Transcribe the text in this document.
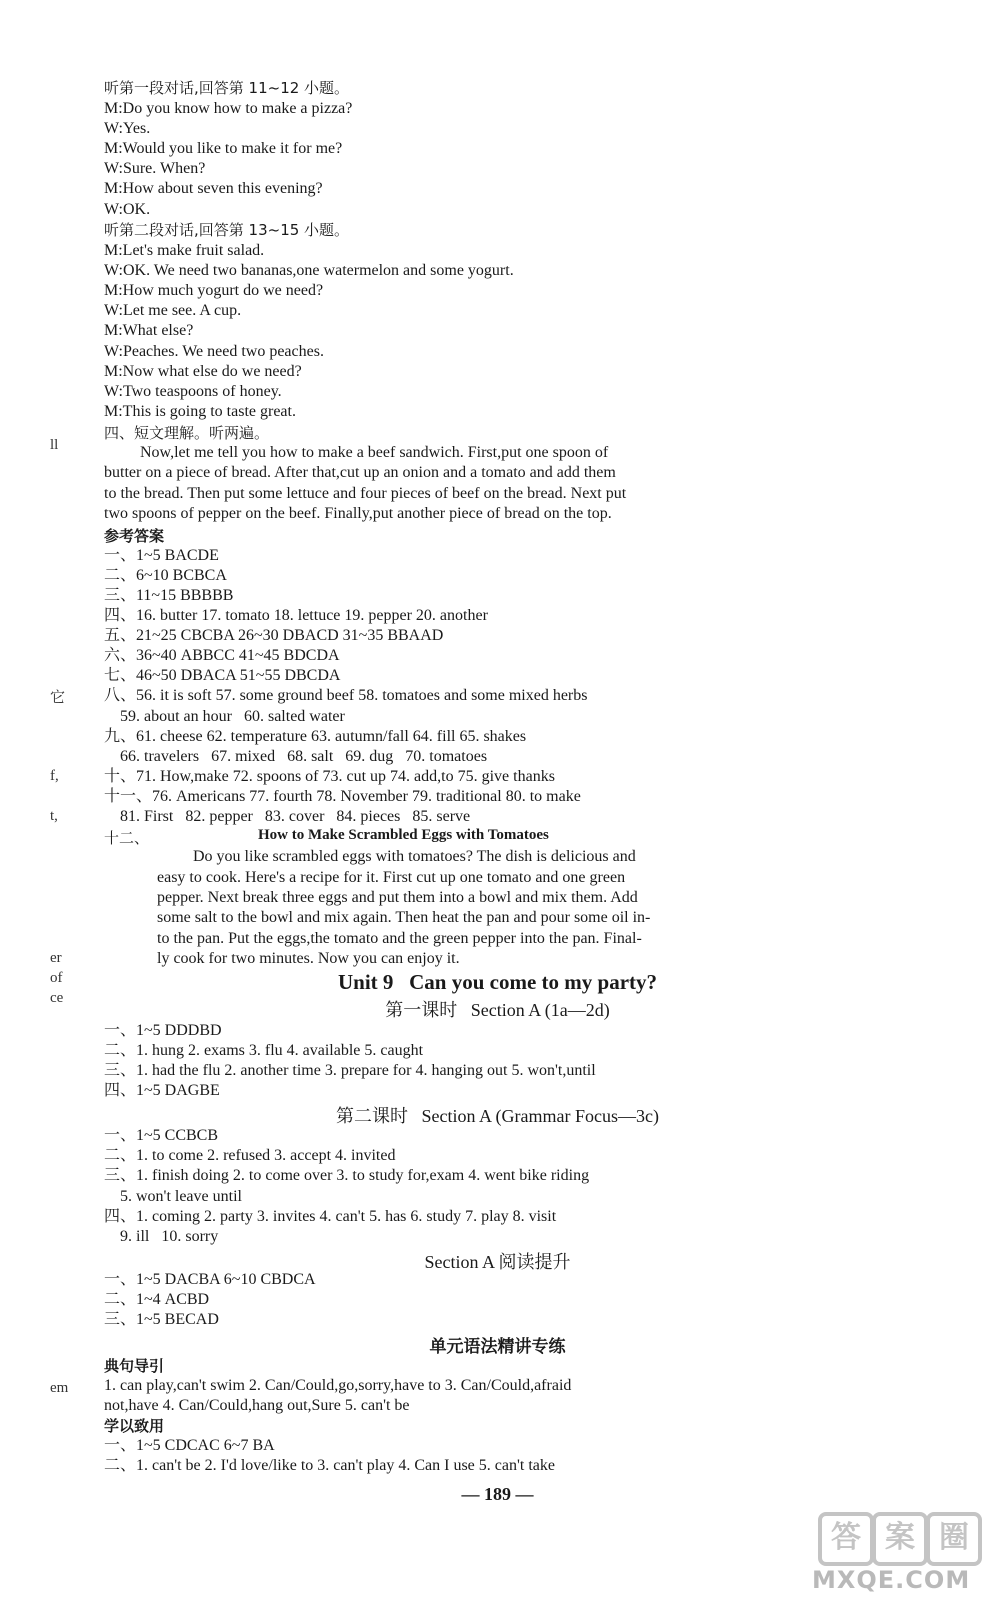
ll
它
f,
t,
er
of
ce
em
听第一段对话,回答第 11~12 小题。
M:Do you know how to make a pizza?
W:Yes.
M:Would you like to make it for me?
W:Sure. When?
M:How about seven this evening?
W:OK.
听第二段对话,回答第 13~15 小题。
M:Let's make fruit salad.
W:OK. We need two bananas,one watermelon and some yogurt.
M:How much yogurt do we need?
W:Let me see. A cup.
M:What else?
W:Peaches. We need two peaches.
M:Now what else do we need?
W:Two teaspoons of honey.
M:This is going to taste great.
四、短文理解。听两遍。
Now,let me tell you how to make a beef sandwich. First,put one spoon of
butter on a piece of bread. After that,cut up an onion and a tomato and add them
to the bread. Then put some lettuce and four pieces of beef on the bread. Next put
two spoons of pepper on the beef. Finally,put another piece of bread on the top.
参考答案
一、1~5 BACDE
二、6~10 BCBCA
三、11~15 BBBBB
四、16. butter 17. tomato 18. lettuce 19. pepper 20. another
五、21~25 CBCBA 26~30 DBACD 31~35 BBAAD
六、36~40 ABBCC 41~45 BDCDA
七、46~50 DBACA 51~55 DBCDA
八、56. it is soft 57. some ground beef 58. tomatoes and some mixed herbs
59. about an hour   60. salted water
九、61. cheese 62. temperature 63. autumn/fall 64. fill 65. shakes
66. travelers   67. mixed   68. salt   69. dug   70. tomatoes
十、71. How,make 72. spoons of 73. cut up 74. add,to 75. give thanks
十一、76. Americans 77. fourth 78. November 79. traditional 80. to make
81. First   82. pepper   83. cover   84. pieces   85. serve
十二、	How to Make Scrambled Eggs with Tomatoes
Do you like scrambled eggs with tomatoes? The dish is delicious and
easy to cook. Here's a recipe for it. First cut up one tomato and one green
pepper. Next break three eggs and put them into a bowl and mix them. Add
some salt to the bowl and mix again. Then heat the pan and pour some oil in-
to the pan. Put the eggs,the tomato and the green pepper into the pan. Final-
ly cook for two minutes. Now you can enjoy it.
Unit 9   Can you come to my party?
第一课时   Section A (1a—2d)
一、1~5 DDDBD
二、1. hung 2. exams 3. flu 4. available 5. caught
三、1. had the flu 2. another time 3. prepare for 4. hanging out 5. won't,until
四、1~5 DAGBE
第二课时   Section A (Grammar Focus—3c)
一、1~5 CCBCB
二、1. to come 2. refused 3. accept 4. invited
三、1. finish doing 2. to come over 3. to study for,exam 4. went bike riding
5. won't leave until
四、1. coming 2. party 3. invites 4. can't 5. has 6. study 7. play 8. visit
9. ill   10. sorry
Section A 阅读提升
一、1~5 DACBA 6~10 CBDCA
二、1~4 ACBD
三、1~5 BECAD
单元语法精讲专练
典句导引
1. can play,can't swim 2. Can/Could,go,sorry,have to 3. Can/Could,afraid
not,have 4. Can/Could,hang out,Sure 5. can't be
学以致用
一、1~5 CDCAC 6~7 BA
二、1. can't be 2. I'd love/like to 3. can't play 4. Can I use 5. can't take
— 189 —
答 案 圈
MXQE.COM
